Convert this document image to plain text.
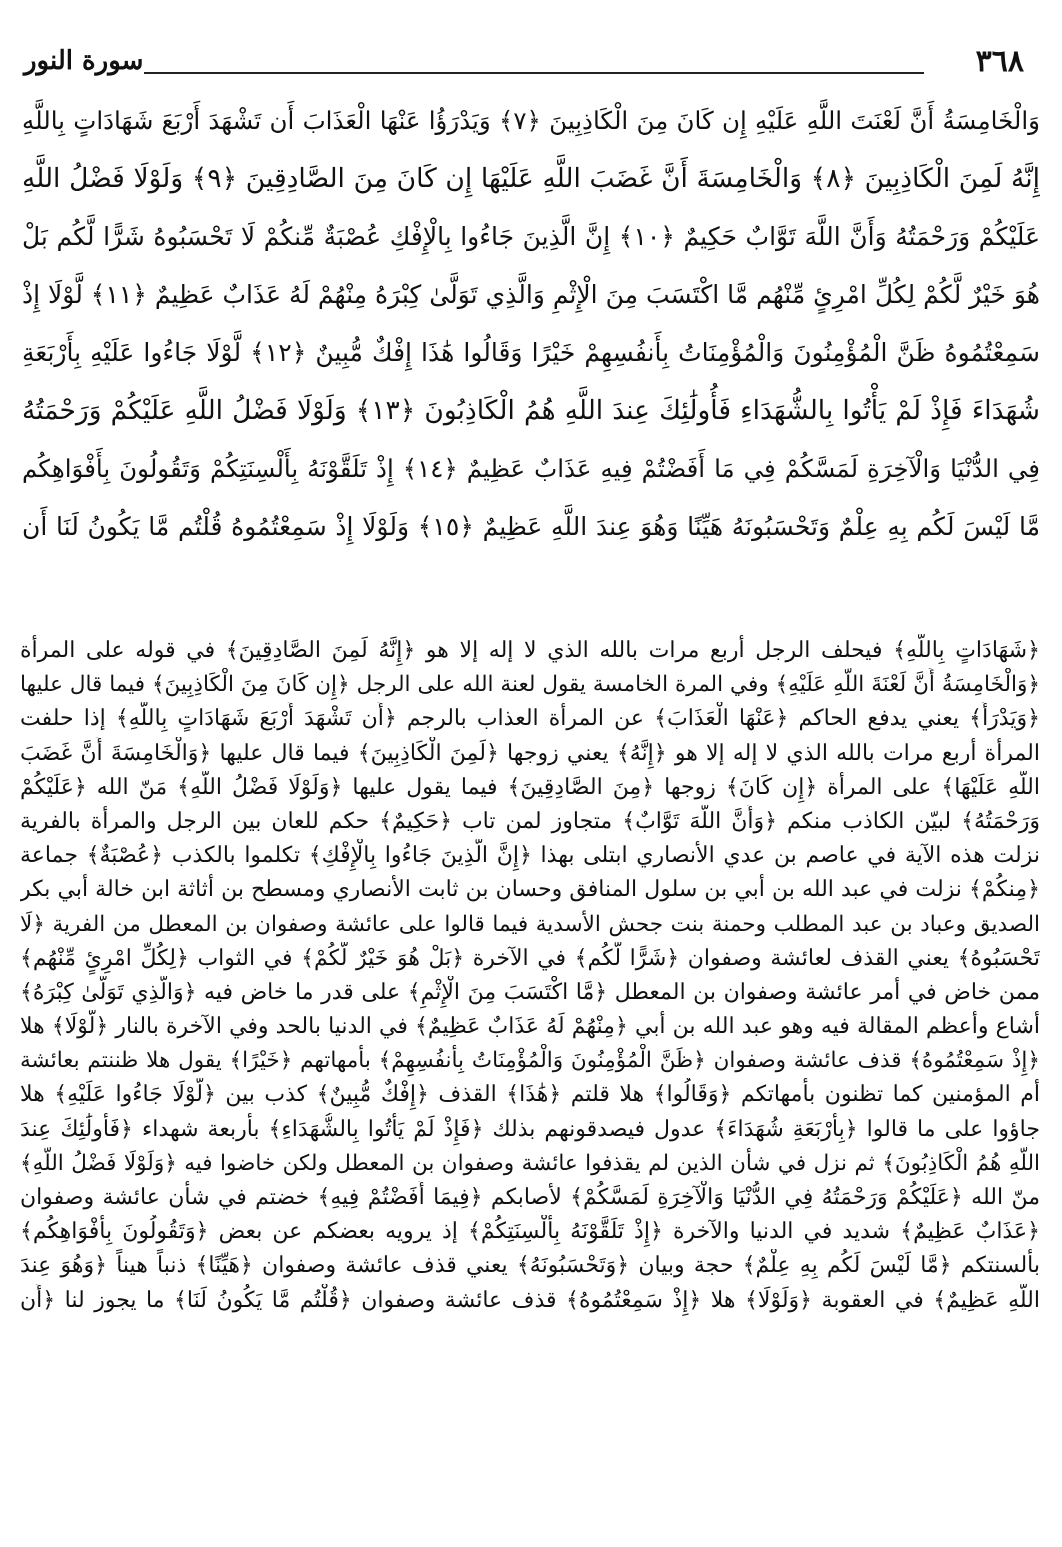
٣٦٨
سورة النور
وَالْخَامِسَةُ أَنَّ لَعْنَتَ اللَّهِ عَلَيْهِ إِن كَانَ مِنَ الْكَاذِبِينَ ﴿٧﴾ وَيَدْرَؤُا عَنْهَا الْعَذَابَ أَن تَشْهَدَ أَرْبَعَ شَهَادَاتٍ بِاللَّهِ
إِنَّهُ لَمِنَ الْكَاذِبِينَ ﴿٨﴾ وَالْخَامِسَةَ أَنَّ غَضَبَ اللَّهِ عَلَيْهَا إِن كَانَ مِنَ الصَّادِقِينَ ﴿٩﴾ وَلَوْلَا فَضْلُ اللَّهِ
عَلَيْكُمْ وَرَحْمَتُهُ وَأَنَّ اللَّهَ تَوَّابٌ حَكِيمٌ ﴿١٠﴾ إِنَّ الَّذِينَ جَاءُوا بِالْإِفْكِ عُصْبَةٌ مِّنكُمْ لَا تَحْسَبُوهُ شَرًّا لَّكُم بَلْ
هُوَ خَيْرٌ لَّكُمْ لِكُلِّ امْرِئٍ مِّنْهُم مَّا اكْتَسَبَ مِنَ الْإِثْمِ وَالَّذِي تَوَلَّىٰ كِبْرَهُ مِنْهُمْ لَهُ عَذَابٌ عَظِيمٌ ﴿١١﴾ لَّوْلَا إِذْ
سَمِعْتُمُوهُ ظَنَّ الْمُؤْمِنُونَ وَالْمُؤْمِنَاتُ بِأَنفُسِهِمْ خَيْرًا وَقَالُوا هَٰذَا إِفْكٌ مُّبِينٌ ﴿١٢﴾ لَّوْلَا جَاءُوا عَلَيْهِ بِأَرْبَعَةِ
شُهَدَاءَ فَإِذْ لَمْ يَأْتُوا بِالشُّهَدَاءِ فَأُولَٰئِكَ عِندَ اللَّهِ هُمُ الْكَاذِبُونَ ﴿١٣﴾ وَلَوْلَا فَضْلُ اللَّهِ عَلَيْكُمْ وَرَحْمَتُهُ
فِي الدُّنْيَا وَالْآخِرَةِ لَمَسَّكُمْ فِي مَا أَفَضْتُمْ فِيهِ عَذَابٌ عَظِيمٌ ﴿١٤﴾ إِذْ تَلَقَّوْنَهُ بِأَلْسِنَتِكُمْ وَتَقُولُونَ بِأَفْوَاهِكُم
مَّا لَيْسَ لَكُم بِهِ عِلْمٌ وَتَحْسَبُونَهُ هَيِّنًا وَهُوَ عِندَ اللَّهِ عَظِيمٌ ﴿١٥﴾ وَلَوْلَا إِذْ سَمِعْتُمُوهُ قُلْتُم مَّا يَكُونُ لَنَا أَن
﴿شَهَادَاتٍ بِاللَّهِ﴾ فيحلف الرجل أربع مرات بالله الذي لا إله إلا هو ﴿إِنَّهُ لَمِنَ الصَّادِقِينَ﴾ في قوله على المرأة
﴿وَالْخَامِسَةُ أَنَّ لَعْنَةَ اللَّهِ عَلَيْهِ﴾ وفي المرة الخامسة يقول لعنة الله على الرجل ﴿إِن كَانَ مِنَ الْكَاذِبِينَ﴾ فيما قال عليها
﴿وَيَدْرَأُ﴾ يعني يدفع الحاكم ﴿عَنْهَا الْعَذَابَ﴾ عن المرأة العذاب بالرجم ﴿أَن تَشْهَدَ أَرْبَعَ شَهَادَاتٍ بِاللَّهِ﴾ إذا حلفت
المرأة أربع مرات بالله الذي لا إله إلا هو ﴿إِنَّهُ﴾ يعني زوجها ﴿لَمِنَ الْكَاذِبِينَ﴾ فيما قال عليها ﴿وَالْخَامِسَةَ أَنَّ غَضَبَ
اللَّهِ عَلَيْهَا﴾ على المرأة ﴿إِن كَانَ﴾ زوجها ﴿مِنَ الصَّادِقِينَ﴾ فيما يقول عليها ﴿وَلَوْلَا فَضْلُ اللَّهِ﴾ مَنّ الله ﴿عَلَيْكُمْ
وَرَحْمَتُهُ﴾ لبيّن الكاذب منكم ﴿وَأَنَّ اللَّهَ تَوَّابٌ﴾ متجاوز لمن تاب ﴿حَكِيمٌ﴾ حكم للعان بين الرجل والمرأة بالفرية
نزلت هذه الآية في عاصم بن عدي الأنصاري ابتلى بهذا ﴿إِنَّ الَّذِينَ جَاءُوا بِالْإِفْكِ﴾ تكلموا بالكذب ﴿عُصْبَةٌ﴾ جماعة
﴿مِنكُمْ﴾ نزلت في عبد الله بن أبي بن سلول المنافق وحسان بن ثابت الأنصاري ومسطح بن أثاثة ابن خالة أبي بكر
الصديق وعباد بن عبد المطلب وحمنة بنت جحش الأسدية فيما قالوا على عائشة وصفوان بن المعطل من الفرية ﴿لَا
تَحْسَبُوهُ﴾ يعني القذف لعائشة وصفوان ﴿شَرًّا لَّكُم﴾ في الآخرة ﴿بَلْ هُوَ خَيْرٌ لَّكُمْ﴾ في الثواب ﴿لِكُلِّ امْرِئٍ مِّنْهُم﴾
ممن خاض في أمر عائشة وصفوان بن المعطل ﴿مَّا اكْتَسَبَ مِنَ الْإِثْمِ﴾ على قدر ما خاض فيه ﴿وَالَّذِي تَوَلَّىٰ كِبْرَهُ﴾
أشاع وأعظم المقالة فيه وهو عبد الله بن أبي ﴿مِنْهُمْ لَهُ عَذَابٌ عَظِيمٌ﴾ في الدنيا بالحد وفي الآخرة بالنار ﴿لَّوْلَا﴾ هلا
﴿إِذْ سَمِعْتُمُوهُ﴾ قذف عائشة وصفوان ﴿ظَنَّ الْمُؤْمِنُونَ وَالْمُؤْمِنَاتُ بِأَنفُسِهِمْ﴾ بأمهاتهم ﴿خَيْرًا﴾ يقول هلا ظننتم بعائشة
أم المؤمنين كما تظنون بأمهاتكم ﴿وَقَالُوا﴾ هلا قلتم ﴿هَٰذَا﴾ القذف ﴿إِفْكٌ مُّبِينٌ﴾ كذب بين ﴿لَّوْلَا جَاءُوا عَلَيْهِ﴾ هلا
جاؤوا على ما قالوا ﴿بِأَرْبَعَةِ شُهَدَاءَ﴾ عدول فيصدقونهم بذلك ﴿فَإِذْ لَمْ يَأْتُوا بِالشُّهَدَاءِ﴾ بأربعة شهداء ﴿فَأُولَٰئِكَ عِندَ
اللَّهِ هُمُ الْكَاذِبُونَ﴾ ثم نزل في شأن الذين لم يقذفوا عائشة وصفوان بن المعطل ولكن خاضوا فيه ﴿وَلَوْلَا فَضْلُ اللَّهِ﴾
منّ الله ﴿عَلَيْكُمْ وَرَحْمَتُهُ فِي الدُّنْيَا وَالْآخِرَةِ لَمَسَّكُمْ﴾ لأصابكم ﴿فِيمَا أَفَضْتُمْ فِيهِ﴾ خضتم في شأن عائشة وصفوان
﴿عَذَابٌ عَظِيمٌ﴾ شديد في الدنيا والآخرة ﴿إِذْ تَلَقَّوْنَهُ بِأَلْسِنَتِكُمْ﴾ إذ يرويه بعضكم عن بعض ﴿وَتَقُولُونَ بِأَفْوَاهِكُم﴾
بألسنتكم ﴿مَّا لَيْسَ لَكُم بِهِ عِلْمٌ﴾ حجة وبيان ﴿وَتَحْسَبُونَهُ﴾ يعني قذف عائشة وصفوان ﴿هَيِّنًا﴾ ذنباً هيناً ﴿وَهُوَ عِندَ
اللَّهِ عَظِيمٌ﴾ في العقوبة ﴿وَلَوْلَا﴾ هلا ﴿إِذْ سَمِعْتُمُوهُ﴾ قذف عائشة وصفوان ﴿قُلْتُم مَّا يَكُونُ لَنَا﴾ ما يجوز لنا ﴿أَن
